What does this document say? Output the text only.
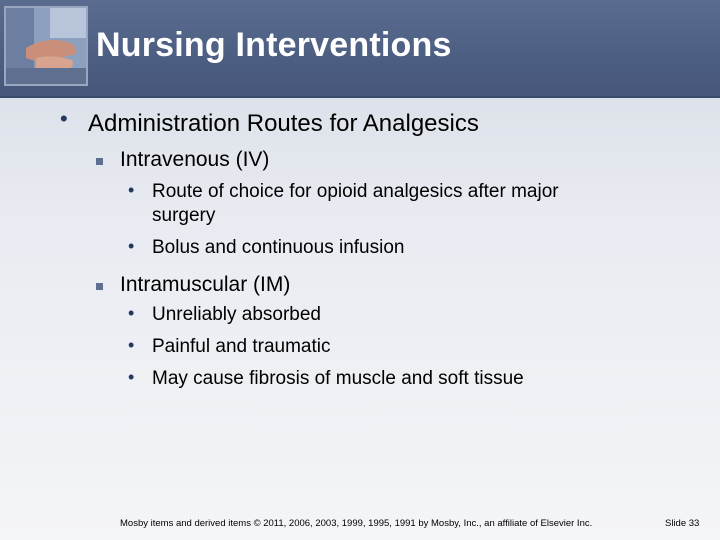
Nursing Interventions
• Administration Routes for Analgesics
Intravenous (IV)
• Route of choice for opioid analgesics after major
surgery
• Bolus and continuous infusion
Intramuscular (IM)
• Unreliably absorbed
• Painful and traumatic
• May cause fibrosis of muscle and soft tissue
Mosby items and derived items © 2011, 2006, 2003, 1999, 1995, 1991 by Mosby, Inc., an affiliate of Elsevier Inc.	Slide 33
